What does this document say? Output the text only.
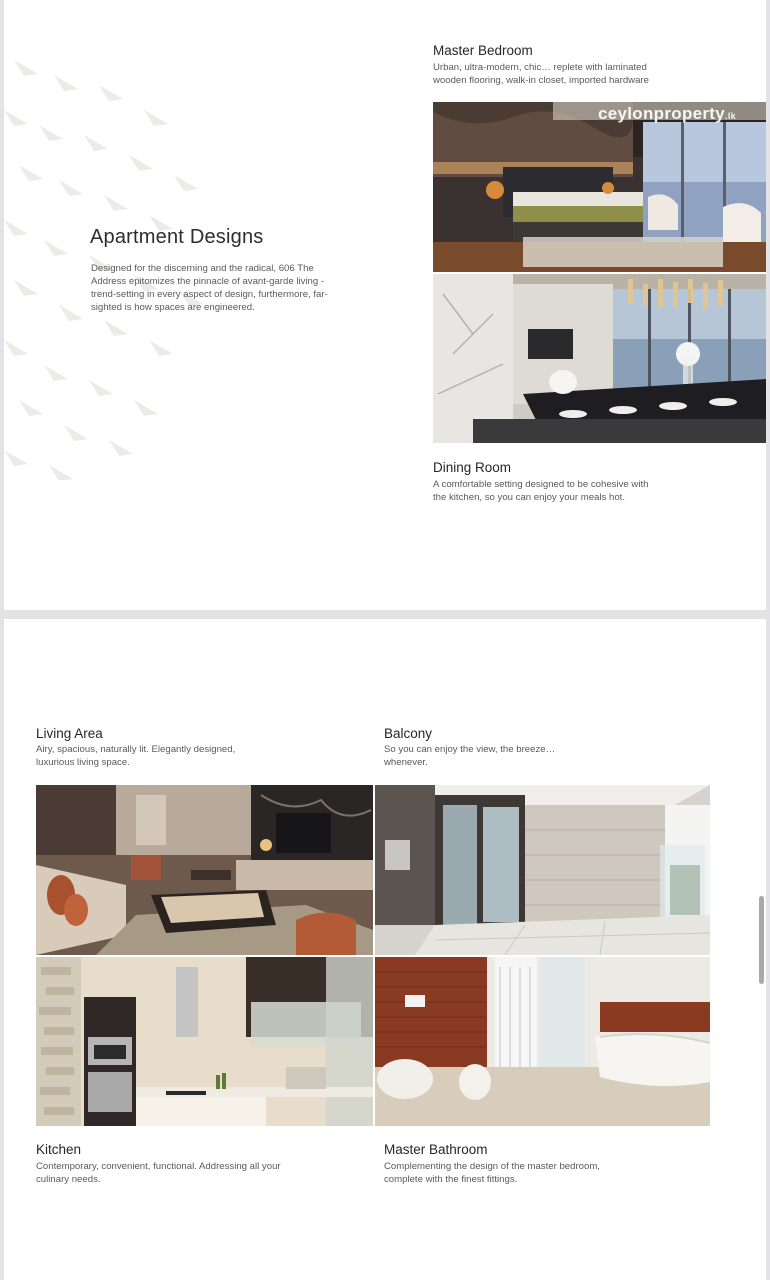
Apartment Designs

Designed for the discerning and the radical, 606 The Address epitomizes the pinnacle of avant-garde living - trend-setting in every aspect of design, furthermore, far-sighted is how spaces are engineered.

Master Bedroom

Urban, ultra-modern, chic… replete with laminated

wooden flooring, walk-in closet, imported hardware

ceylonproperty.lk
Dining Room

A comfortable setting designed to be cohesive with the kitchen, so you can enjoy your meals hot.

Living Area

Airy, spacious, naturally lit. Elegantly designed, luxurious living space.

Balcony

So you can enjoy the view, the breeze… whenever.

Kitchen

Contemporary, convenient, functional. Addressing all your culinary needs.

Master Bathroom

Complementing the design of the master bedroom, complete with the finest fittings.
